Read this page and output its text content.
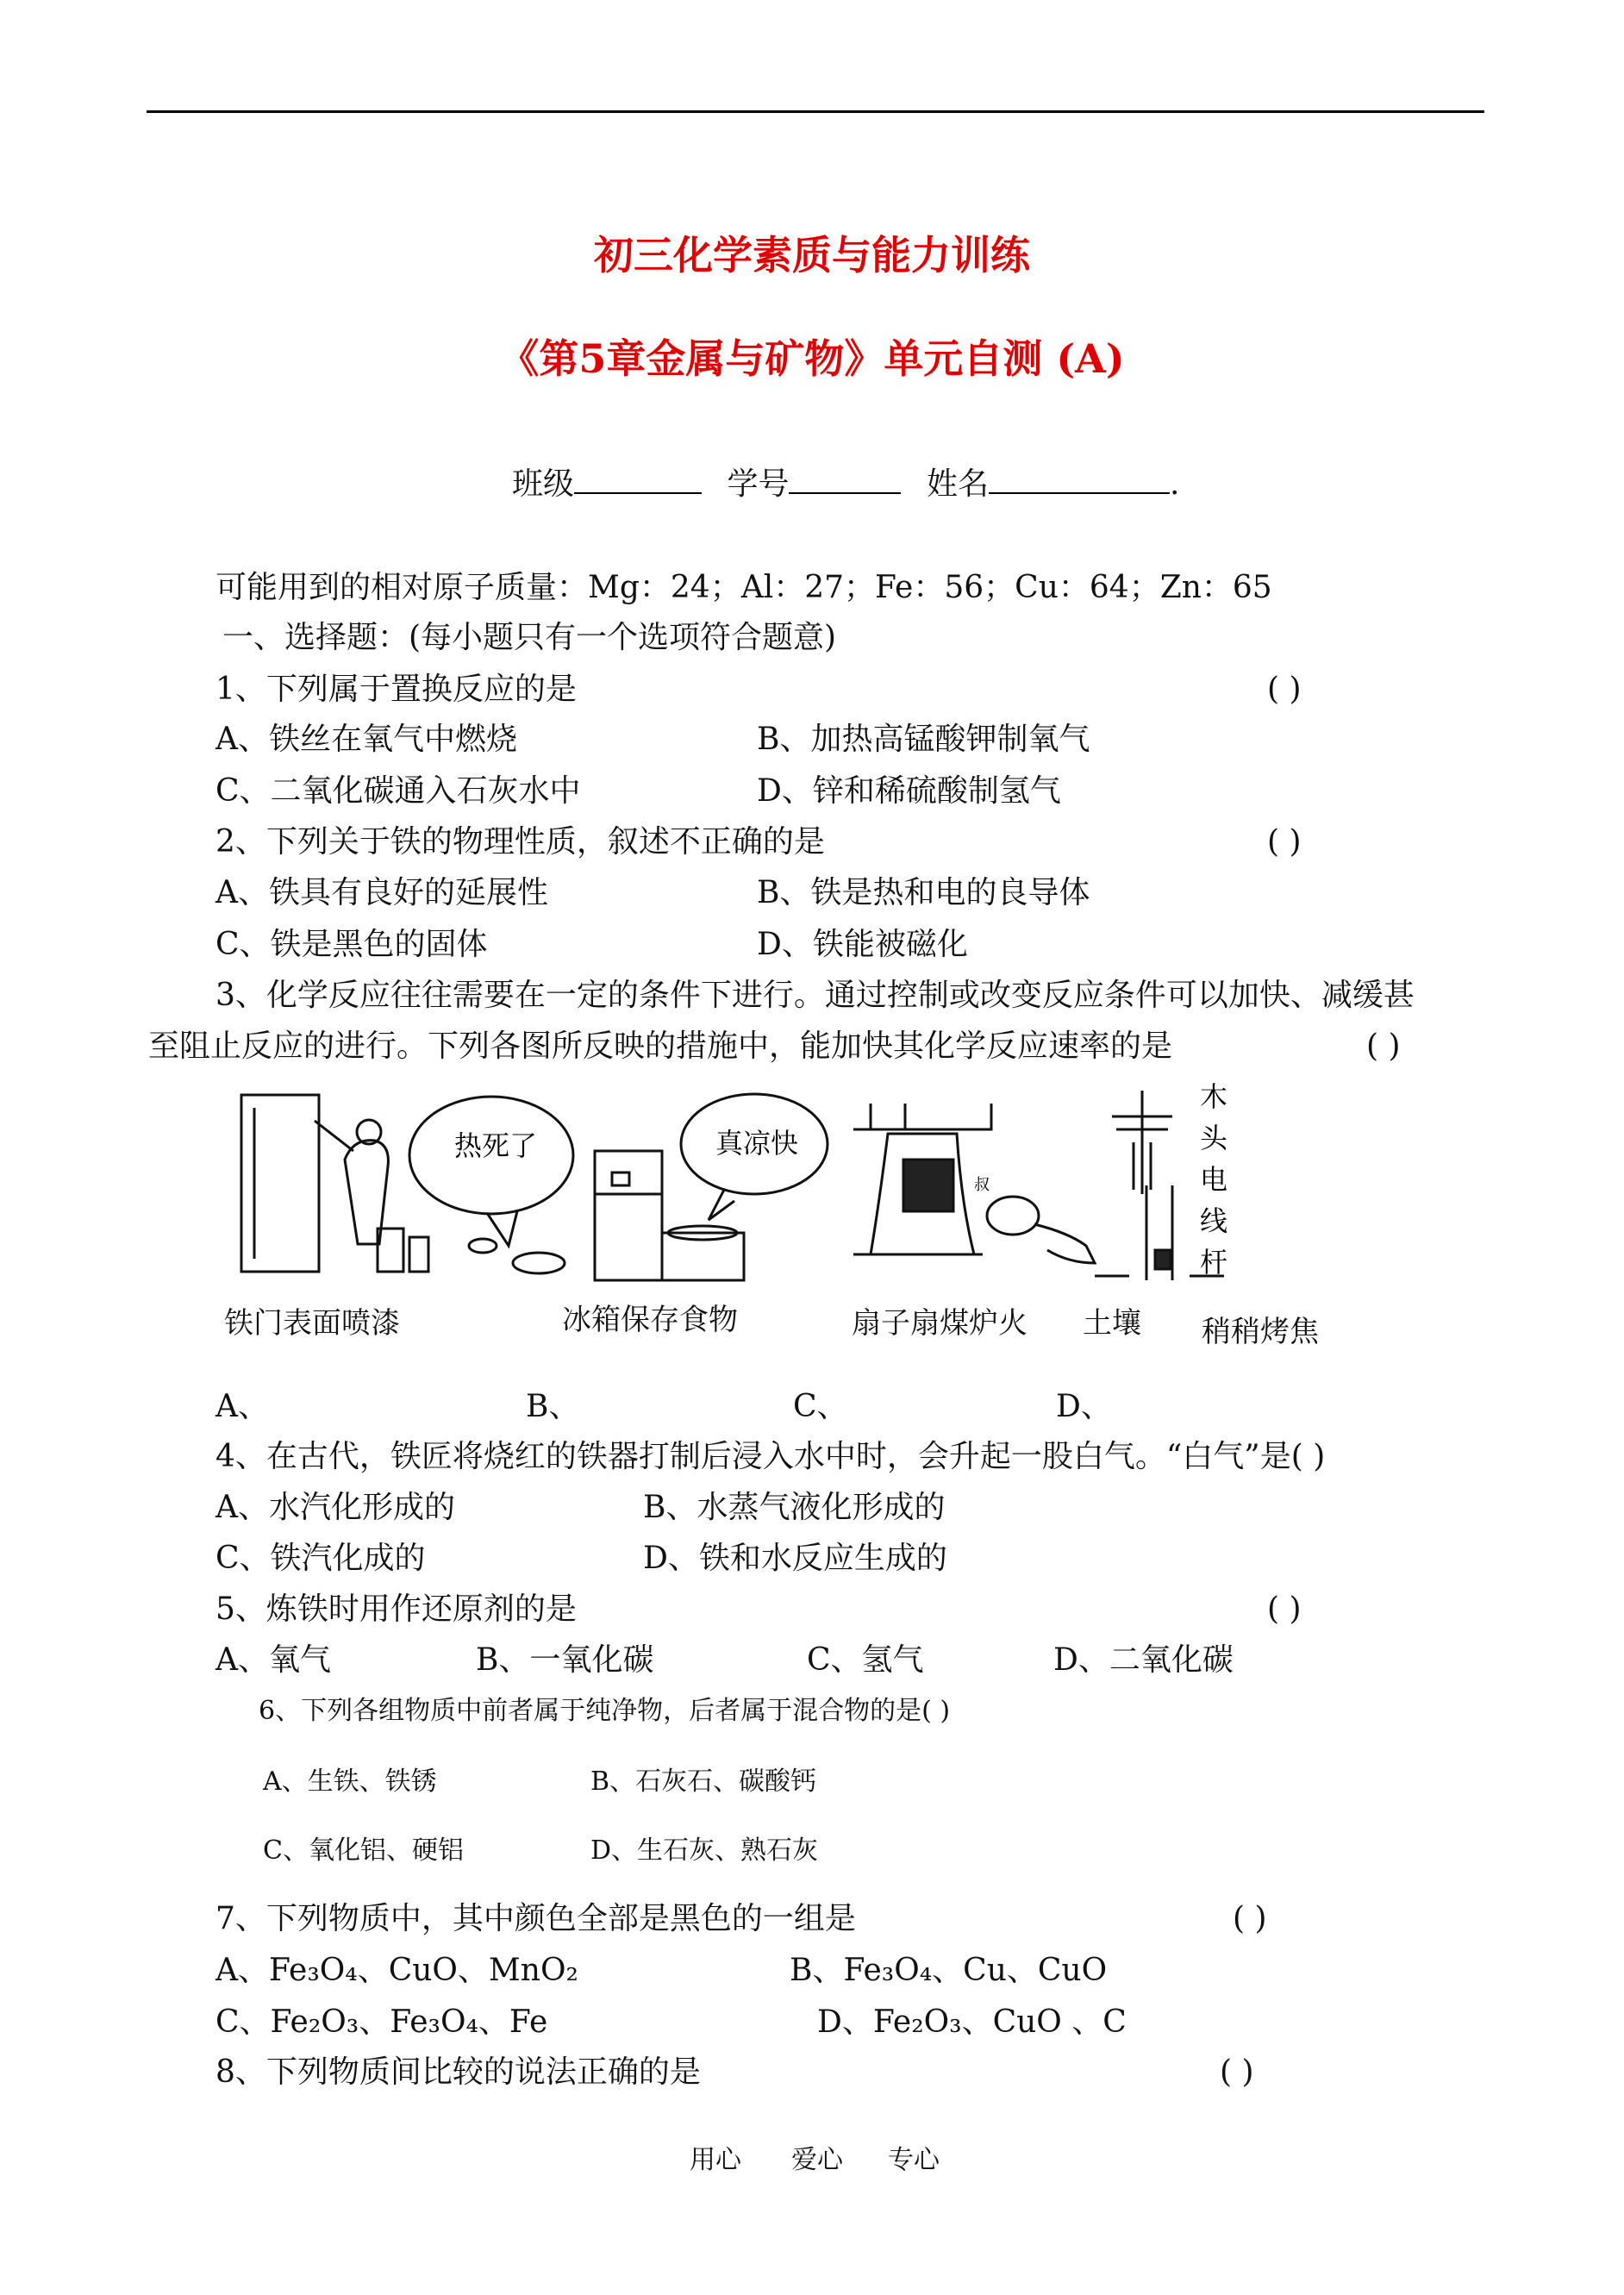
初三化学素质与能力训练
《第5章金属与矿物》单元自测 (A)
班级	学号	姓名	.
可能用到的相对原子质量：Mg：24；Al：27；Fe：56；Cu：64；Zn：65
一、选择题：(每小题只有一个选项符合题意)
1、下列属于置换反应的是	( )
A、铁丝在氧气中燃烧	B、加热高锰酸钾制氧气
C、二氧化碳通入石灰水中	D、锌和稀硫酸制氢气
2、下列关于铁的物理性质，叙述不正确的是	( )
A、铁具有良好的延展性	B、铁是热和电的良导体
C、铁是黑色的固体	D、铁能被磁化
3、化学反应往往需要在一定的条件下进行。通过控制或改变反应条件可以加快、减缓甚
至阻止反应的进行。下列各图所反映的措施中，能加快其化学反应速率的是	( )
热死了	真凉快
叔
木
头
电
线
杆
铁门表面喷漆	冰箱保存食物	扇子扇煤炉火 土壤 稍稍烤焦
A、	B、	C、	D、
4、在古代，铁匠将烧红的铁器打制后浸入水中时，会升起一股白气。“白气”是( )
A、水汽化形成的	B、水蒸气液化形成的
C、铁汽化成的	D、铁和水反应生成的
5、炼铁时用作还原剂的是	( )
A、氧气	B、一氧化碳	C、氢气	D、二氧化碳
6、下列各组物质中前者属于纯净物，后者属于混合物的是( )
A、生铁、铁锈	B、石灰石、碳酸钙
C、氧化铝、硬铝	D、生石灰、熟石灰
7、下列物质中，其中颜色全部是黑色的一组是	( )
A、Fe₃O₄、CuO、MnO₂	B、Fe₃O₄、Cu、CuO
C、Fe₂O₃、Fe₃O₄、Fe	D、Fe₂O₃、CuO 、C
8、下列物质间比较的说法正确的是	( )
用心 爱心 专心
